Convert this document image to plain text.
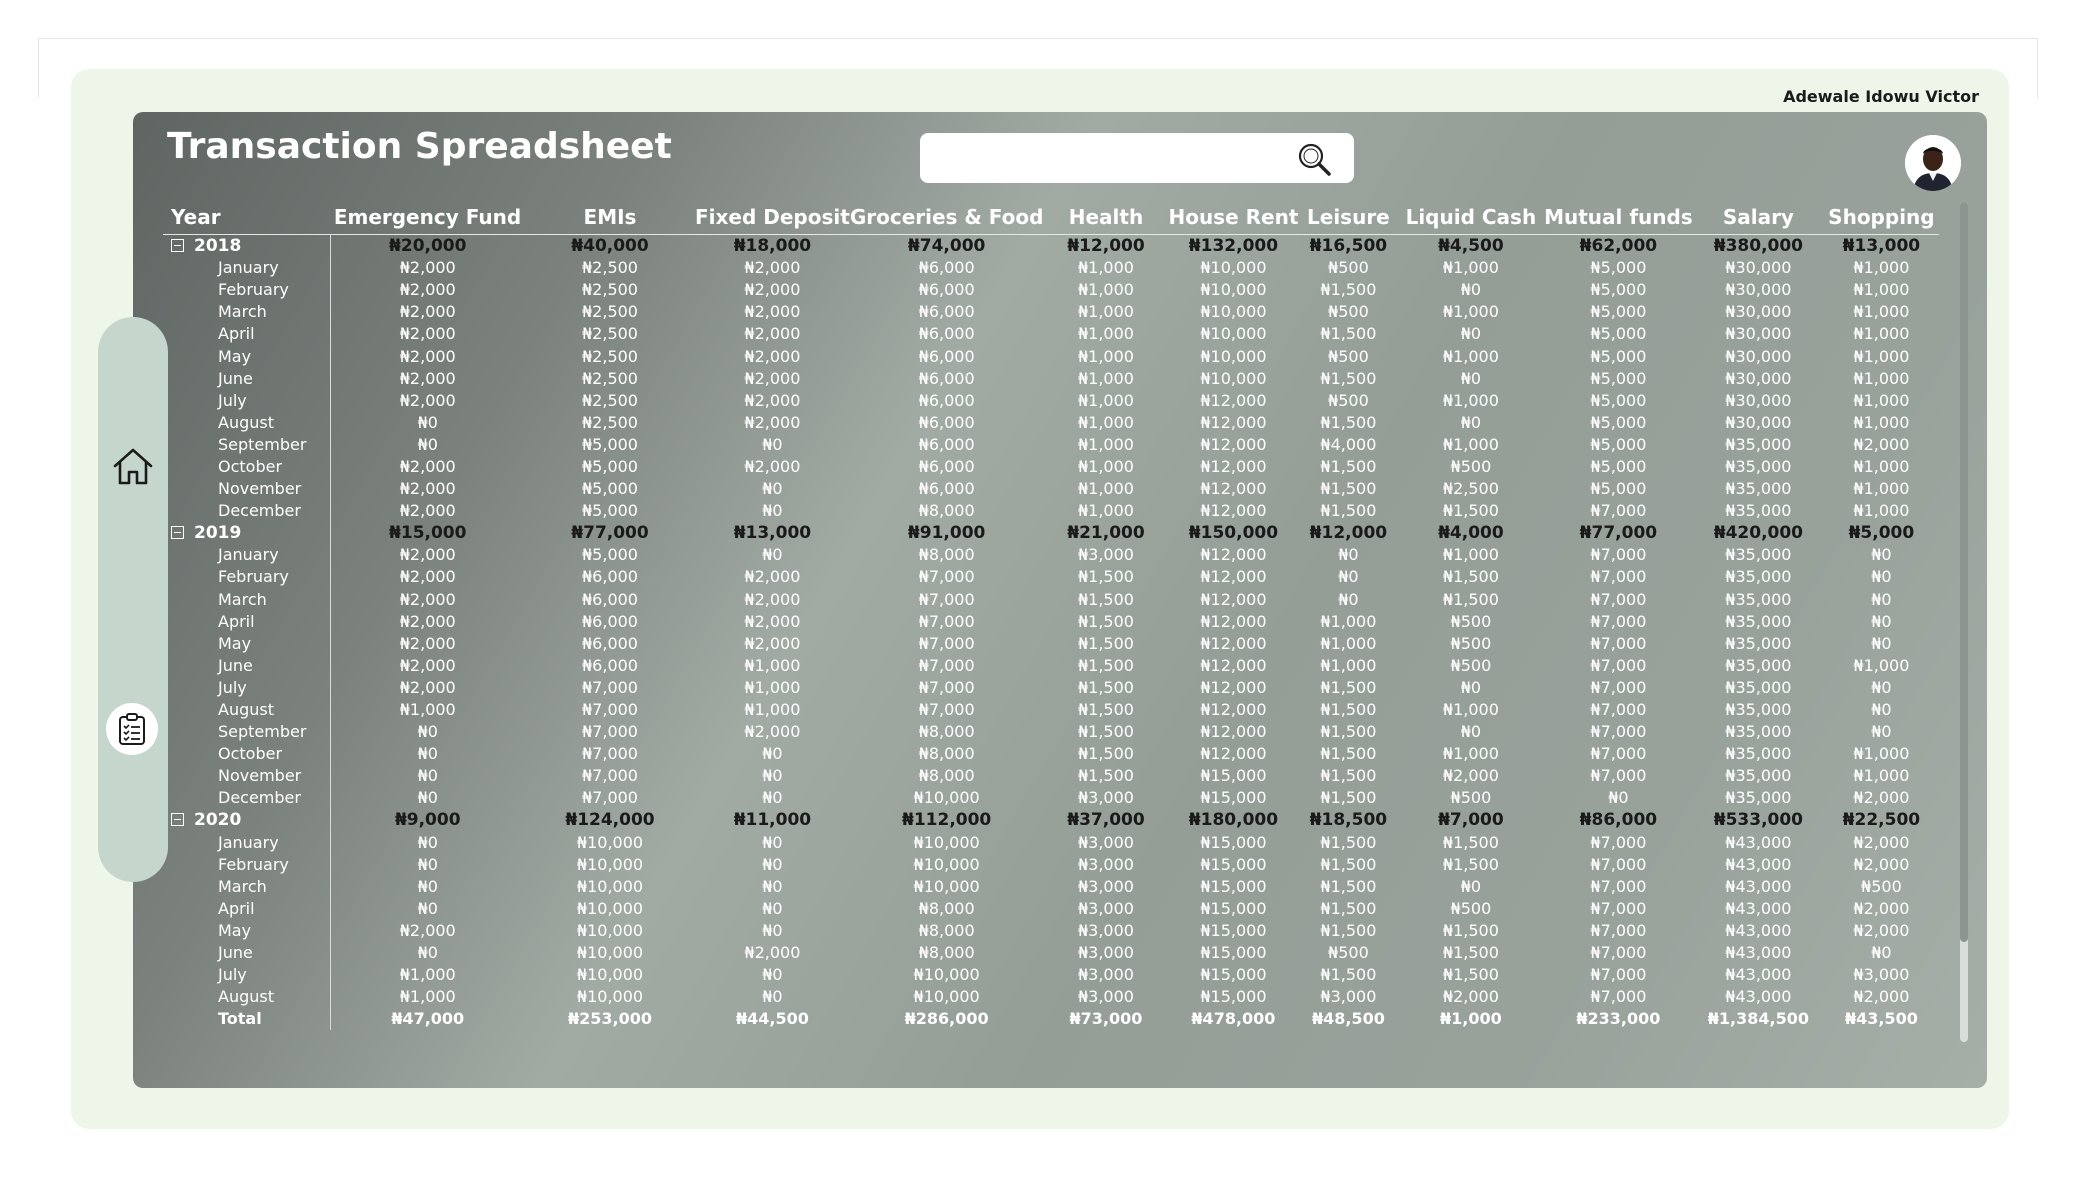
Adewale Idowu Victor
Transaction Spreadsheet
Year	Emergency Fund	EMIs	Fixed Deposit	Groceries & Food	Health	House Rent	Leisure	Liquid Cash	Mutual funds	Salary	Shopping
2018	₦20,000	₦40,000	₦18,000	₦74,000	₦12,000	₦132,000	₦16,500	₦4,500	₦62,000	₦380,000	₦13,000
January	₦2,000	₦2,500	₦2,000	₦6,000	₦1,000	₦10,000	₦500	₦1,000	₦5,000	₦30,000	₦1,000
February	₦2,000	₦2,500	₦2,000	₦6,000	₦1,000	₦10,000	₦1,500	₦0	₦5,000	₦30,000	₦1,000
March	₦2,000	₦2,500	₦2,000	₦6,000	₦1,000	₦10,000	₦500	₦1,000	₦5,000	₦30,000	₦1,000
April	₦2,000	₦2,500	₦2,000	₦6,000	₦1,000	₦10,000	₦1,500	₦0	₦5,000	₦30,000	₦1,000
May	₦2,000	₦2,500	₦2,000	₦6,000	₦1,000	₦10,000	₦500	₦1,000	₦5,000	₦30,000	₦1,000
June	₦2,000	₦2,500	₦2,000	₦6,000	₦1,000	₦10,000	₦1,500	₦0	₦5,000	₦30,000	₦1,000
July	₦2,000	₦2,500	₦2,000	₦6,000	₦1,000	₦12,000	₦500	₦1,000	₦5,000	₦30,000	₦1,000
August	₦0	₦2,500	₦2,000	₦6,000	₦1,000	₦12,000	₦1,500	₦0	₦5,000	₦30,000	₦1,000
September	₦0	₦5,000	₦0	₦6,000	₦1,000	₦12,000	₦4,000	₦1,000	₦5,000	₦35,000	₦2,000
October	₦2,000	₦5,000	₦2,000	₦6,000	₦1,000	₦12,000	₦1,500	₦500	₦5,000	₦35,000	₦1,000
November	₦2,000	₦5,000	₦0	₦6,000	₦1,000	₦12,000	₦1,500	₦2,500	₦5,000	₦35,000	₦1,000
December	₦2,000	₦5,000	₦0	₦8,000	₦1,000	₦12,000	₦1,500	₦1,500	₦7,000	₦35,000	₦1,000
2019	₦15,000	₦77,000	₦13,000	₦91,000	₦21,000	₦150,000	₦12,000	₦4,000	₦77,000	₦420,000	₦5,000
January	₦2,000	₦5,000	₦0	₦8,000	₦3,000	₦12,000	₦0	₦1,000	₦7,000	₦35,000	₦0
February	₦2,000	₦6,000	₦2,000	₦7,000	₦1,500	₦12,000	₦0	₦1,500	₦7,000	₦35,000	₦0
March	₦2,000	₦6,000	₦2,000	₦7,000	₦1,500	₦12,000	₦0	₦1,500	₦7,000	₦35,000	₦0
April	₦2,000	₦6,000	₦2,000	₦7,000	₦1,500	₦12,000	₦1,000	₦500	₦7,000	₦35,000	₦0
May	₦2,000	₦6,000	₦2,000	₦7,000	₦1,500	₦12,000	₦1,000	₦500	₦7,000	₦35,000	₦0
June	₦2,000	₦6,000	₦1,000	₦7,000	₦1,500	₦12,000	₦1,000	₦500	₦7,000	₦35,000	₦1,000
July	₦2,000	₦7,000	₦1,000	₦7,000	₦1,500	₦12,000	₦1,500	₦0	₦7,000	₦35,000	₦0
August	₦1,000	₦7,000	₦1,000	₦7,000	₦1,500	₦12,000	₦1,500	₦1,000	₦7,000	₦35,000	₦0
September	₦0	₦7,000	₦2,000	₦8,000	₦1,500	₦12,000	₦1,500	₦0	₦7,000	₦35,000	₦0
October	₦0	₦7,000	₦0	₦8,000	₦1,500	₦12,000	₦1,500	₦1,000	₦7,000	₦35,000	₦1,000
November	₦0	₦7,000	₦0	₦8,000	₦1,500	₦15,000	₦1,500	₦2,000	₦7,000	₦35,000	₦1,000
December	₦0	₦7,000	₦0	₦10,000	₦3,000	₦15,000	₦1,500	₦500	₦0	₦35,000	₦2,000
2020	₦9,000	₦124,000	₦11,000	₦112,000	₦37,000	₦180,000	₦18,500	₦7,000	₦86,000	₦533,000	₦22,500
January	₦0	₦10,000	₦0	₦10,000	₦3,000	₦15,000	₦1,500	₦1,500	₦7,000	₦43,000	₦2,000
February	₦0	₦10,000	₦0	₦10,000	₦3,000	₦15,000	₦1,500	₦1,500	₦7,000	₦43,000	₦2,000
March	₦0	₦10,000	₦0	₦10,000	₦3,000	₦15,000	₦1,500	₦0	₦7,000	₦43,000	₦500
April	₦0	₦10,000	₦0	₦8,000	₦3,000	₦15,000	₦1,500	₦500	₦7,000	₦43,000	₦2,000
May	₦2,000	₦10,000	₦0	₦8,000	₦3,000	₦15,000	₦1,500	₦1,500	₦7,000	₦43,000	₦2,000
June	₦0	₦10,000	₦2,000	₦8,000	₦3,000	₦15,000	₦500	₦1,500	₦7,000	₦43,000	₦0
July	₦1,000	₦10,000	₦0	₦10,000	₦3,000	₦15,000	₦1,500	₦1,500	₦7,000	₦43,000	₦3,000
August	₦1,000	₦10,000	₦0	₦10,000	₦3,000	₦15,000	₦3,000	₦2,000	₦7,000	₦43,000	₦2,000
Total	₦47,000	₦253,000	₦44,500	₦286,000	₦73,000	₦478,000	₦48,500	₦1,000	₦233,000	₦1,384,500	₦43,500
